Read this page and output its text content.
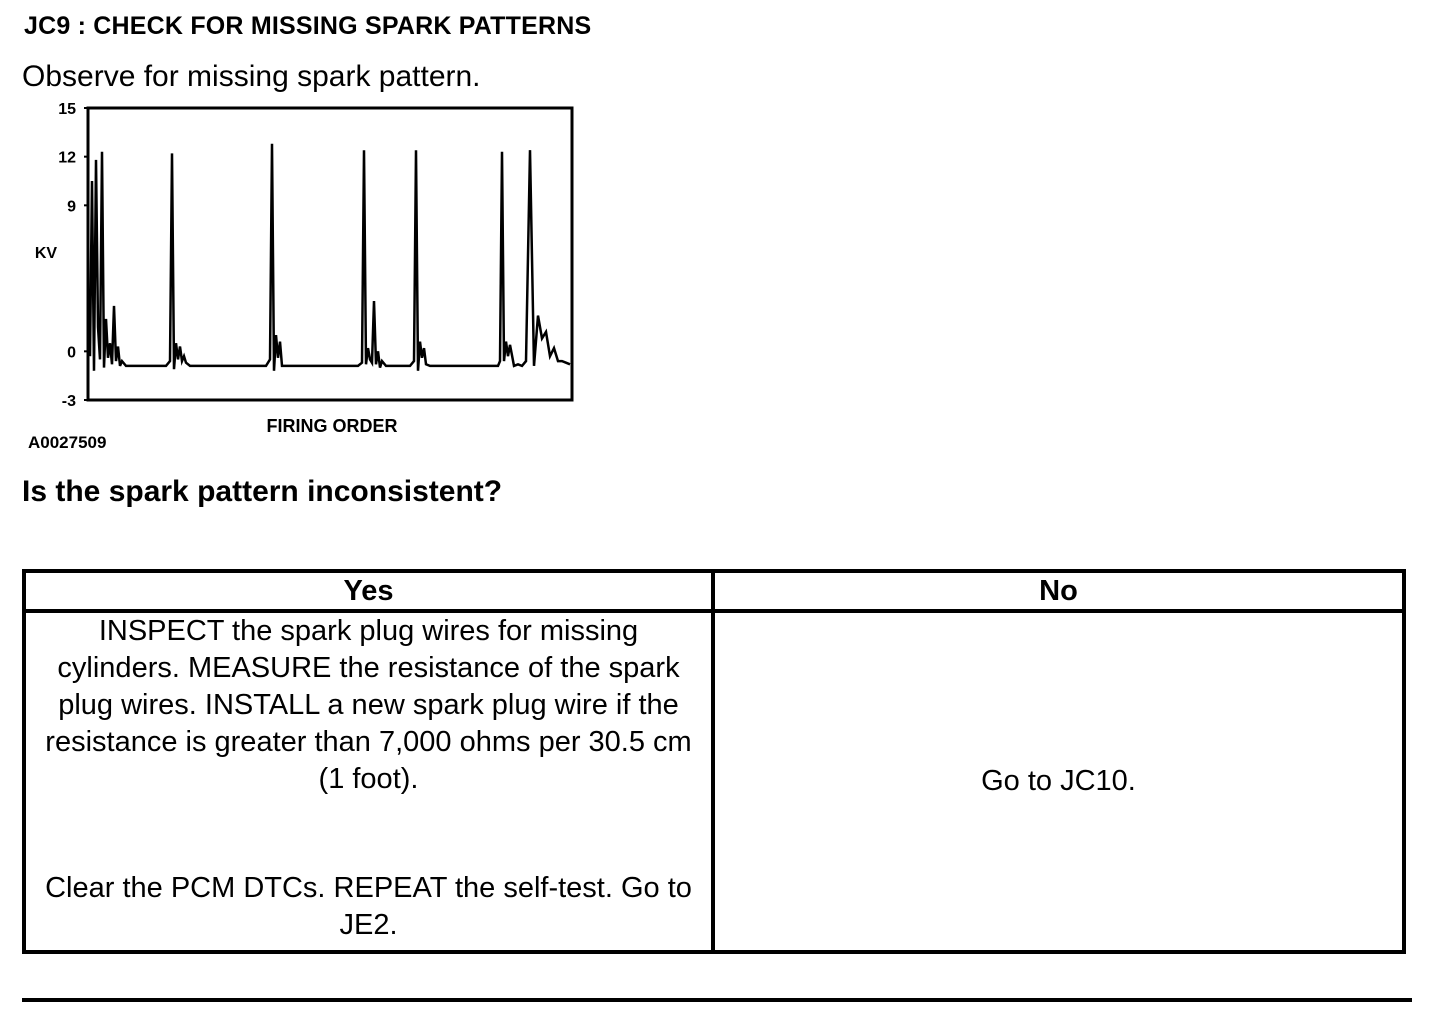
JC9 : CHECK FOR MISSING SPARK PATTERNS
Observe for missing spark pattern.
15
12
9
0
-3
KV
FIRING ORDER
A0027509
Is the spark pattern inconsistent?
Yes	No

INSPECT the spark plug wires for missing cylinders. MEASURE the resistance of the spark plug wires. INSTALL a new spark plug wire if the resistance is greater than 7,000 ohms per 30.5 cm (1 foot).

Clear the PCM DTCs. REPEAT the self-test. Go to JE2.	Go to JC10.
